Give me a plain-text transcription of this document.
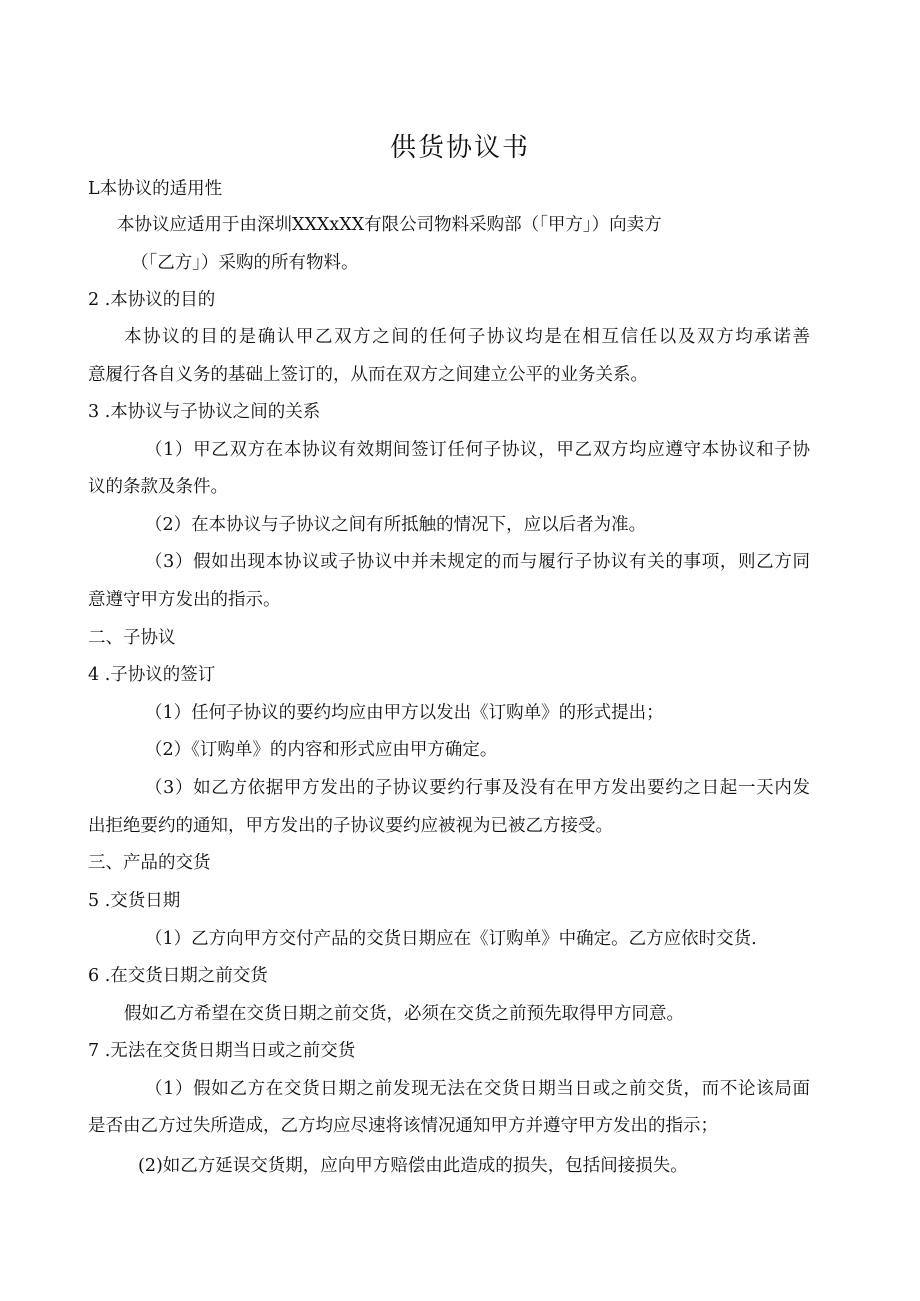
供货协议书
L本协议的适用性
本协议应适用于由深圳XXXxXX有限公司物料采购部（「甲方」）向卖方
（「乙方」）采购的所有物料。
2 .本协议的目的
本协议的目的是确认甲乙双方之间的任何子协议均是在相互信任以及双方均承诺善
意履行各自义务的基础上签订的，从而在双方之间建立公平的业务关系。
3 .本协议与子协议之间的关系
（1）甲乙双方在本协议有效期间签订任何子协议，甲乙双方均应遵守本协议和子协
议的条款及条件。
（2）在本协议与子协议之间有所抵触的情况下，应以后者为准。
（3）假如出现本协议或子协议中并未规定的而与履行子协议有关的事项，则乙方同
意遵守甲方发出的指示。
二、子协议
4 .子协议的签订
（1）任何子协议的要约均应由甲方以发出《订购单》的形式提出；
（2）《订购单》的内容和形式应由甲方确定。
（3）如乙方依据甲方发出的子协议要约行事及没有在甲方发出要约之日起一天内发
出拒绝要约的通知，甲方发出的子协议要约应被视为已被乙方接受。
三、产品的交货
5 .交货日期
（1）乙方向甲方交付产品的交货日期应在《订购单》中确定。乙方应依时交货.
6 .在交货日期之前交货
假如乙方希望在交货日期之前交货，必须在交货之前预先取得甲方同意。
7 .无法在交货日期当日或之前交货
（1）假如乙方在交货日期之前发现无法在交货日期当日或之前交货，而不论该局面
是否由乙方过失所造成，乙方均应尽速将该情况通知甲方并遵守甲方发出的指示；
(2)如乙方延误交货期，应向甲方赔偿由此造成的损失，包括间接损失。
